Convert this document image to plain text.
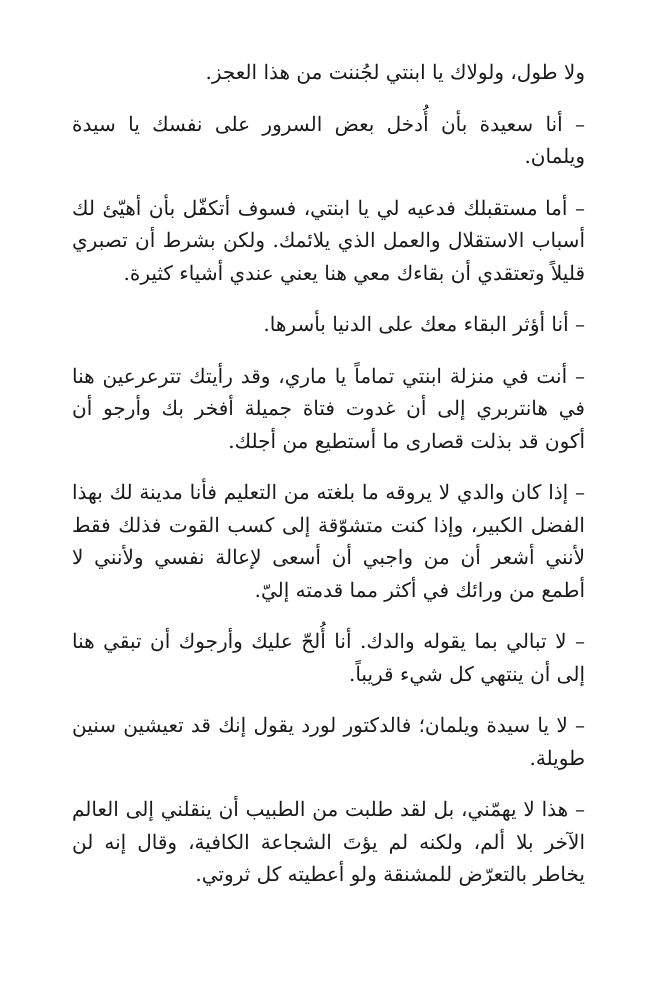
ولا طول، ولولاك يا ابنتي لجُننت من هذا العجز.

– أنا سعيدة بأن أُدخل بعض السرور على نفسك يا سيدة ويلمان.

– أما مستقبلك فدعيه لي يا ابنتي، فسوف أتكفّل بأن أهيّئ لك أسباب الاستقلال والعمل الذي يلائمك. ولكن بشرط أن تصبري قليلاً وتعتقدي أن بقاءك معي هنا يعني عندي أشياء كثيرة.

– أنا أؤثر البقاء معك على الدنيا بأسرها.

– أنت في منزلة ابنتي تماماً يا ماري، وقد رأيتك تترعرعين هنا في هانتربري إلى أن غدوت فتاة جميلة أفخر بك وأرجو أن أكون قد بذلت قصارى ما أستطيع من أجلك.

– إذا كان والدي لا يروقه ما بلغته من التعليم فأنا مدينة لك بهذا الفضل الكبير، وإذا كنت متشوّقة إلى كسب القوت فذلك فقط لأنني أشعر أن من واجبي أن أسعى لإعالة نفسي ولأنني لا أطمع من ورائك في أكثر مما قدمته إليّ.

– لا تبالي بما يقوله والدك. أنا أُلحّ عليك وأرجوك أن تبقي هنا إلى أن ينتهي كل شيء قريباً.

– لا يا سيدة ويلمان؛ فالدكتور لورد يقول إنك قد تعيشين سنين طويلة.

– هذا لا يهمّني، بل لقد طلبت من الطبيب أن ينقلني إلى العالم الآخر بلا ألم، ولكنه لم يؤتَ الشجاعة الكافية، وقال إنه لن يخاطر بالتعرّض للمشنقة ولو أعطيته كل ثروتي.
